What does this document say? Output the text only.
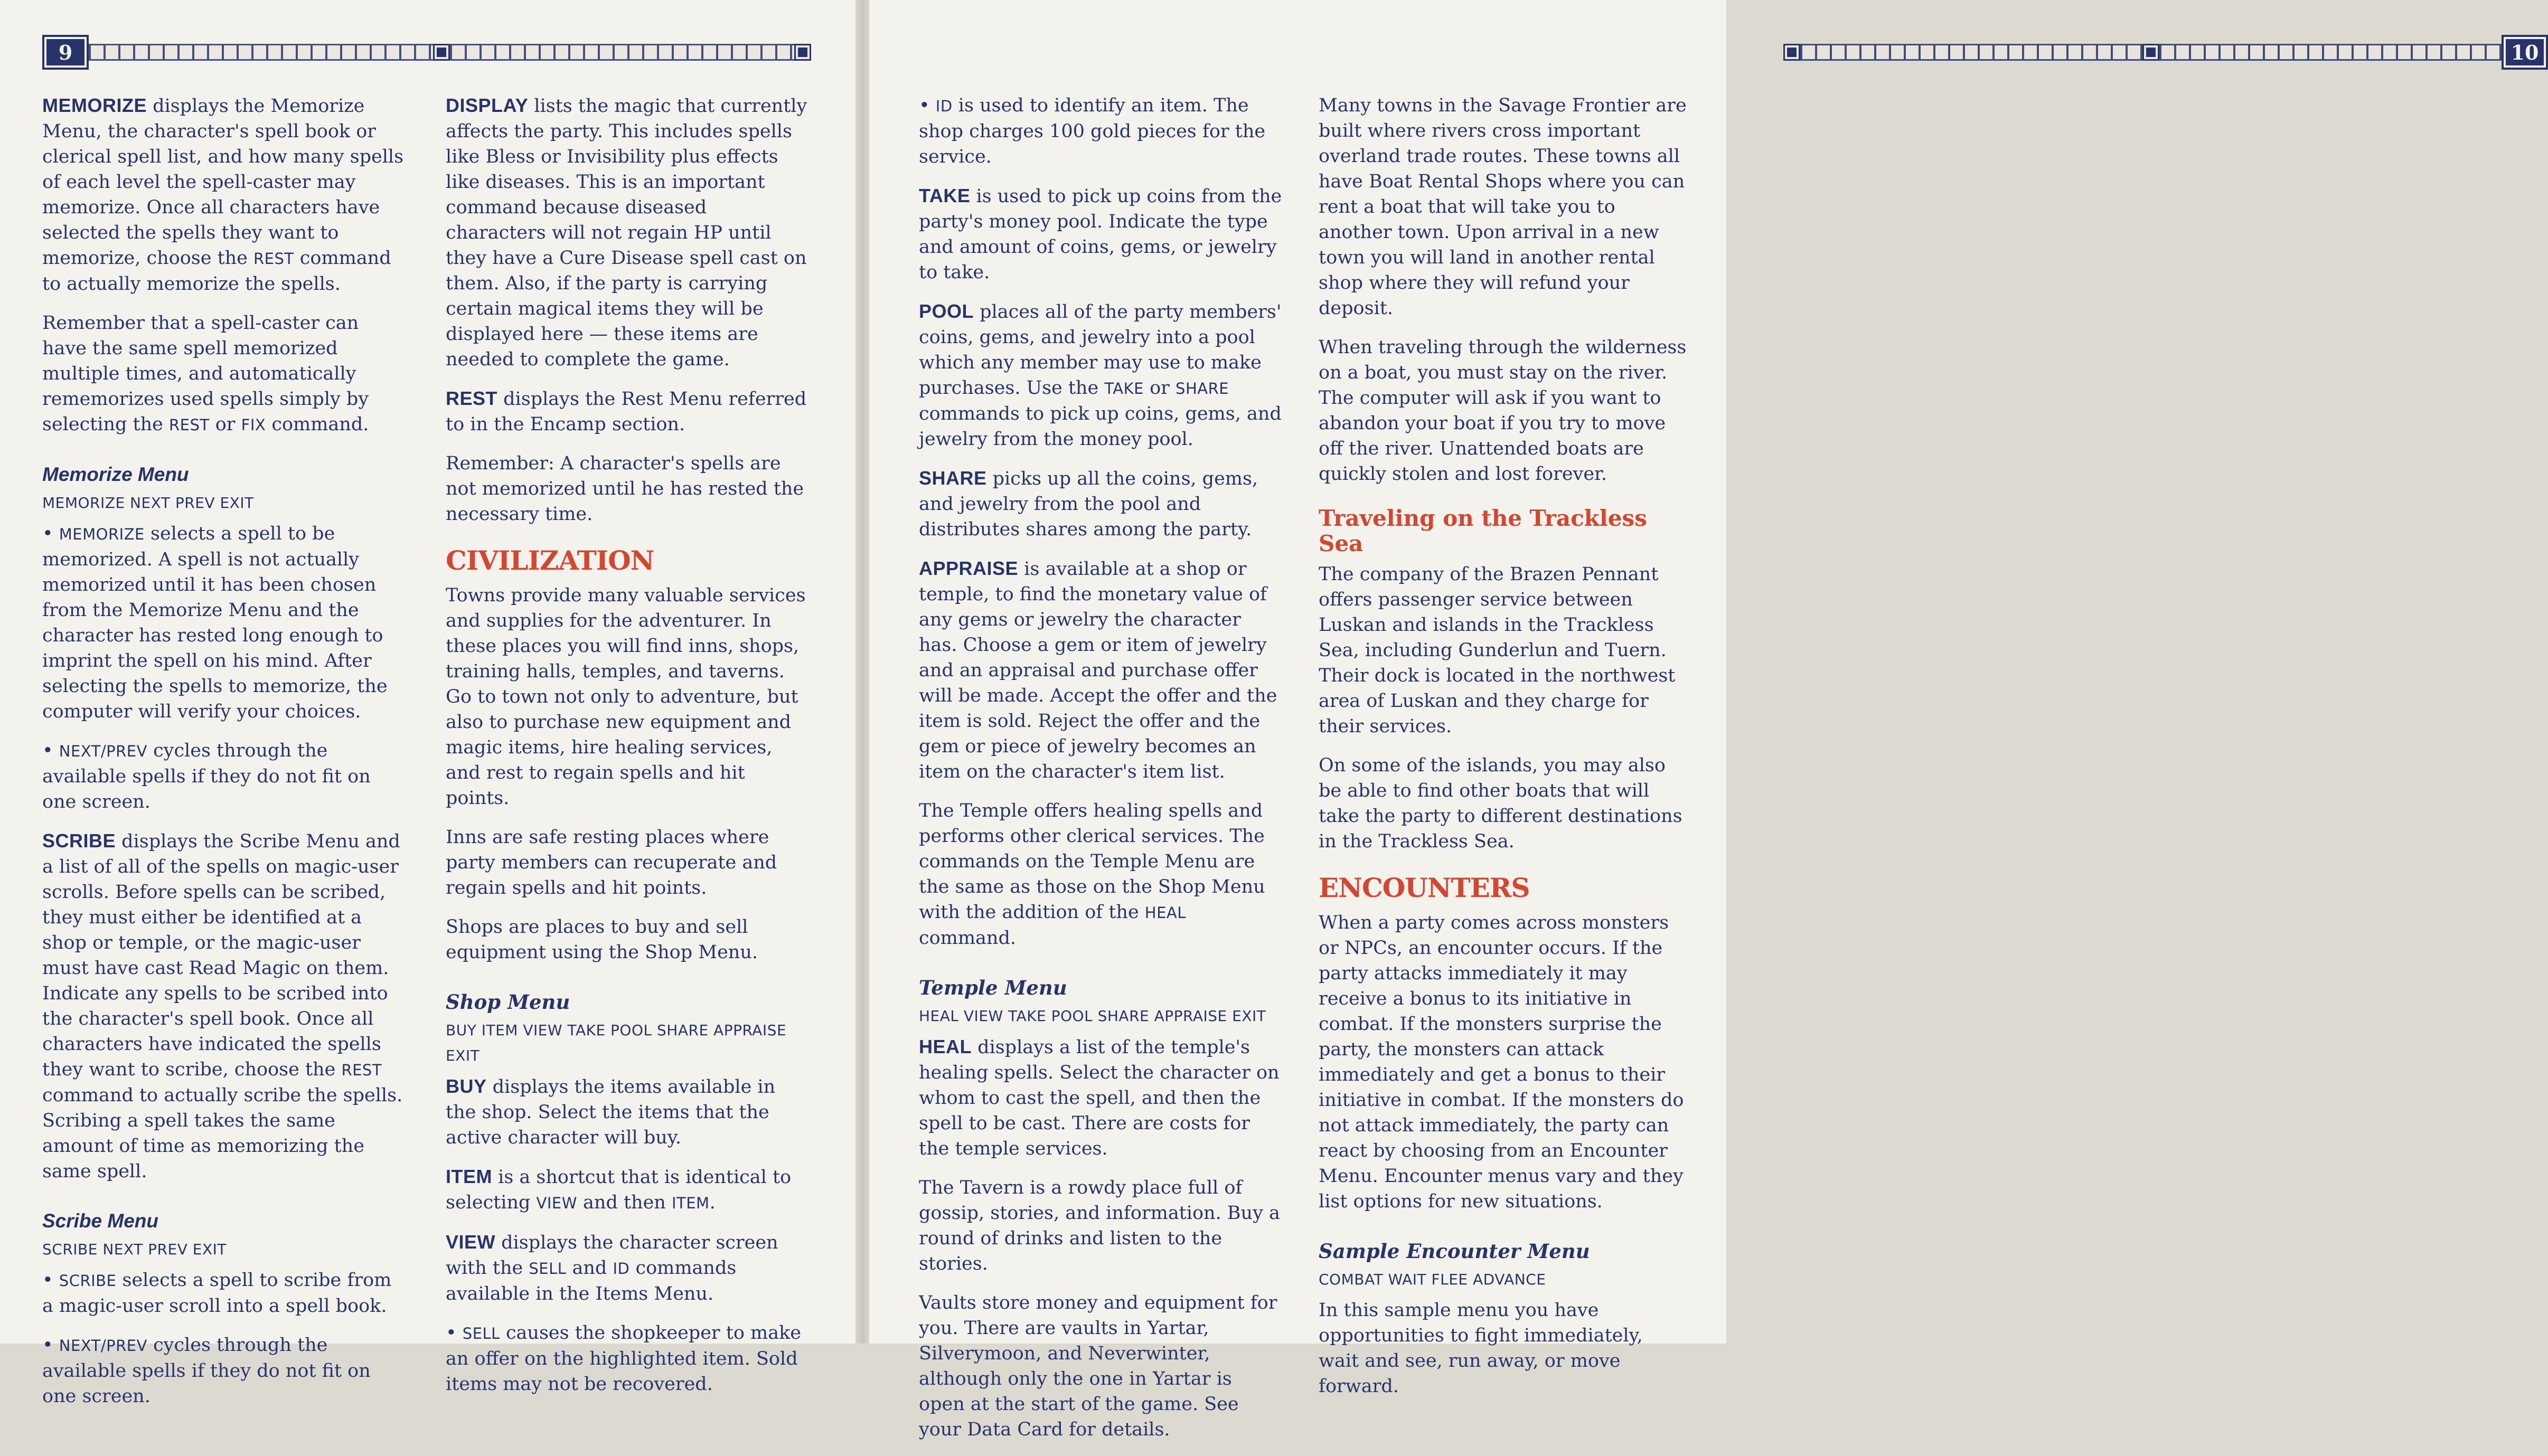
9

MEMORIZE displays the Memorize Menu, the character's spell book or clerical spell list, and how many spells of each level the spell-caster may memorize. Once all characters have selected the spells they want to memorize, choose the REST command to actually memorize the spells.

Remember that a spell-caster can have the same spell memorized multiple times, and automatically rememorizes used spells simply by selecting the REST or FIX command.

Memorize Menu
MEMORIZE NEXT PREV EXIT

• MEMORIZE selects a spell to be memorized. A spell is not actually memorized until it has been chosen from the Memorize Menu and the character has rested long enough to imprint the spell on his mind. After selecting the spells to memorize, the computer will verify your choices.

• NEXT/PREV cycles through the available spells if they do not fit on one screen.

SCRIBE displays the Scribe Menu and a list of all of the spells on magic-user scrolls. Before spells can be scribed, they must either be identified at a shop or temple, or the magic-user must have cast Read Magic on them. Indicate any spells to be scribed into the character's spell book. Once all characters have indicated the spells they want to scribe, choose the REST command to actually scribe the spells. Scribing a spell takes the same amount of time as memorizing the same spell.

Scribe Menu
SCRIBE NEXT PREV EXIT

• SCRIBE selects a spell to scribe from a magic-user scroll into a spell book.

• NEXT/PREV cycles through the available spells if they do not fit on one screen.

DISPLAY lists the magic that currently affects the party. This includes spells like Bless or Invisibility plus effects like diseases. This is an important command because diseased characters will not regain HP until they have a Cure Disease spell cast on them. Also, if the party is carrying certain magical items they will be displayed here — these items are needed to complete the game.

REST displays the Rest Menu referred to in the Encamp section.

Remember: A character's spells are not memorized until he has rested the necessary time.

CIVILIZATION

Towns provide many valuable services and supplies for the adventurer. In these places you will find inns, shops, training halls, temples, and taverns. Go to town not only to adventure, but also to purchase new equipment and magic items, hire healing services, and rest to regain spells and hit points.

Inns are safe resting places where party members can recuperate and regain spells and hit points.

Shops are places to buy and sell equipment using the Shop Menu.

Shop Menu
BUY ITEM VIEW TAKE POOL SHARE APPRAISE EXIT

BUY displays the items available in the shop. Select the items that the active character will buy.

ITEM is a shortcut that is identical to selecting VIEW and then ITEM.

VIEW displays the character screen with the SELL and ID commands available in the Items Menu.

• SELL causes the shopkeeper to make an offer on the highlighted item. Sold items may not be recovered.

10

• ID is used to identify an item. The shop charges 100 gold pieces for the service.

TAKE is used to pick up coins from the party's money pool. Indicate the type and amount of coins, gems, or jewelry to take.

POOL places all of the party members' coins, gems, and jewelry into a pool which any member may use to make purchases. Use the TAKE or SHARE commands to pick up coins, gems, and jewelry from the money pool.

SHARE picks up all the coins, gems, and jewelry from the pool and distributes shares among the party.

APPRAISE is available at a shop or temple, to find the monetary value of any gems or jewelry the character has. Choose a gem or item of jewelry and an appraisal and purchase offer will be made. Accept the offer and the item is sold. Reject the offer and the gem or piece of jewelry becomes an item on the character's item list.

The Temple offers healing spells and performs other clerical services. The commands on the Temple Menu are the same as those on the Shop Menu with the addition of the HEAL command.

Temple Menu
HEAL VIEW TAKE POOL SHARE APPRAISE EXIT

HEAL displays a list of the temple's healing spells. Select the character on whom to cast the spell, and then the spell to be cast. There are costs for the temple services.

The Tavern is a rowdy place full of gossip, stories, and information. Buy a round of drinks and listen to the stories.

Vaults store money and equipment for you. There are vaults in Yartar, Silverymoon, and Neverwinter, although only the one in Yartar is open at the start of the game. See your Data Card for details.

Many towns in the Savage Frontier are built where rivers cross important overland trade routes. These towns all have Boat Rental Shops where you can rent a boat that will take you to another town. Upon arrival in a new town you will land in another rental shop where they will refund your deposit.

When traveling through the wilderness on a boat, you must stay on the river. The computer will ask if you want to abandon your boat if you try to move off the river. Unattended boats are quickly stolen and lost forever.

Traveling on the Trackless Sea

The company of the Brazen Pennant offers passenger service between Luskan and islands in the Trackless Sea, including Gunderlun and Tuern. Their dock is located in the northwest area of Luskan and they charge for their services.

On some of the islands, you may also be able to find other boats that will take the party to different destinations in the Trackless Sea.

ENCOUNTERS

When a party comes across monsters or NPCs, an encounter occurs. If the party attacks immediately it may receive a bonus to its initiative in combat. If the monsters surprise the party, the monsters can attack immediately and get a bonus to their initiative in combat. If the monsters do not attack immediately, the party can react by choosing from an Encounter Menu. Encounter menus vary and they list options for new situations.

Sample Encounter Menu
COMBAT WAIT FLEE ADVANCE

In this sample menu you have opportunities to fight immediately, wait and see, run away, or move forward.
